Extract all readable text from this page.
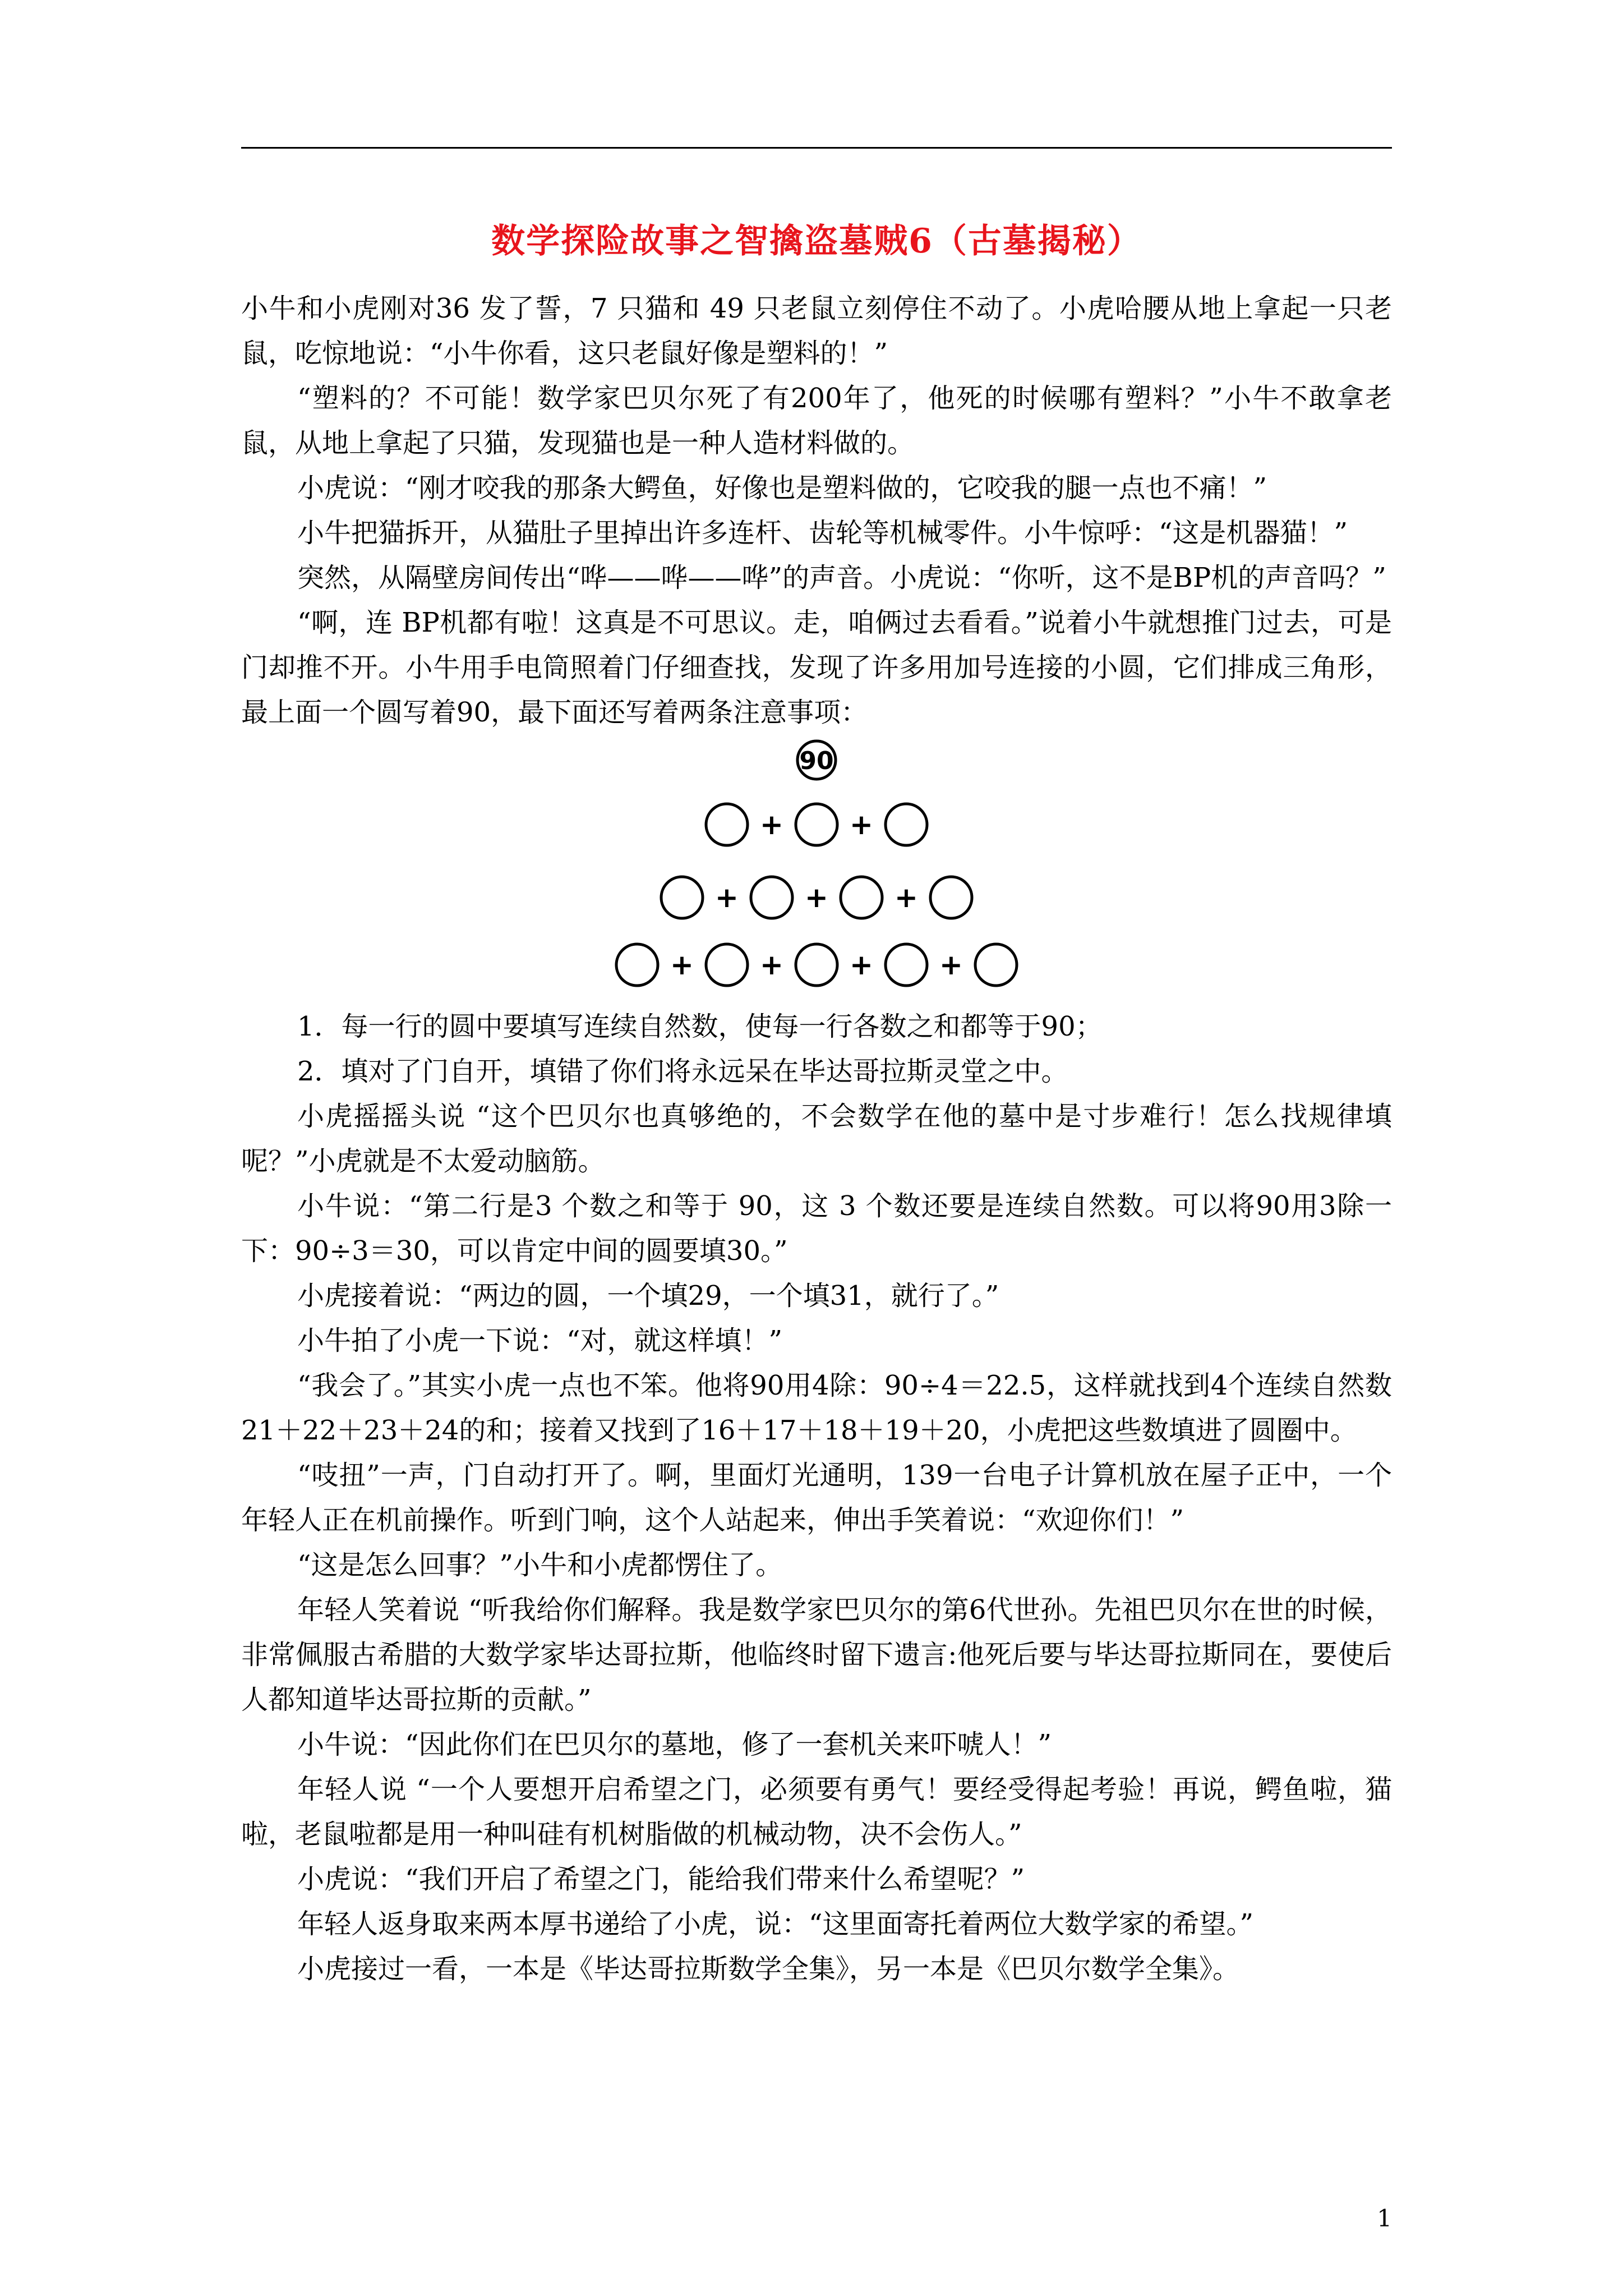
数学探险故事之智擒盗墓贼6（古墓揭秘）

小牛和小虎刚对36 发了誓，7 只猫和 49 只老鼠立刻停住不动了。小虎哈腰从地上拿起一只老鼠，吃惊地说：“小牛你看，这只老鼠好像是塑料的！”

“塑料的？不可能！数学家巴贝尔死了有200年了，他死的时候哪有塑料？”小牛不敢拿老鼠，从地上拿起了只猫，发现猫也是一种人造材料做的。

小虎说：“刚才咬我的那条大鳄鱼，好像也是塑料做的，它咬我的腿一点也不痛！”

小牛把猫拆开，从猫肚子里掉出许多连杆、齿轮等机械零件。小牛惊呼：“这是机器猫！”

突然，从隔壁房间传出“哗——哗——哗”的声音。小虎说：“你听，这不是BP机的声音吗？”

“啊，连 BP机都有啦！这真是不可思议。走，咱俩过去看看。”说着小牛就想推门过去，可是门却推不开。小牛用手电筒照着门仔细查找，发现了许多用加号连接的小圆，它们排成三角形，最上面一个圆写着90，最下面还写着两条注意事项：

90
+ +
+ + +
+ + + +

1．每一行的圆中要填写连续自然数，使每一行各数之和都等于90；

2．填对了门自开，填错了你们将永远呆在毕达哥拉斯灵堂之中。

小虎摇摇头说 “这个巴贝尔也真够绝的，不会数学在他的墓中是寸步难行！怎么找规律填呢？”小虎就是不太爱动脑筋。

小牛说：“第二行是3 个数之和等于 90，这 3 个数还要是连续自然数。可以将90用3除一下：90÷3＝30，可以肯定中间的圆要填30。”

小虎接着说：“两边的圆，一个填29，一个填31，就行了。”

小牛拍了小虎一下说：“对，就这样填！”

“我会了。”其实小虎一点也不笨。他将90用4除：90÷4＝22.5，这样就找到4个连续自然数21＋22＋23＋24的和；接着又找到了16＋17＋18＋19＋20，小虎把这些数填进了圆圈中。

“吱扭”一声，门自动打开了。啊，里面灯光通明，139一台电子计算机放在屋子正中，一个年轻人正在机前操作。听到门响，这个人站起来，伸出手笑着说：“欢迎你们！”

“这是怎么回事？”小牛和小虎都愣住了。

年轻人笑着说 “听我给你们解释。我是数学家巴贝尔的第6代世孙。先祖巴贝尔在世的时候，非常佩服古希腊的大数学家毕达哥拉斯，他临终时留下遗言:他死后要与毕达哥拉斯同在，要使后人都知道毕达哥拉斯的贡献。”

小牛说：“因此你们在巴贝尔的墓地，修了一套机关来吓唬人！”

年轻人说 “一个人要想开启希望之门，必须要有勇气！要经受得起考验！再说，鳄鱼啦，猫啦，老鼠啦都是用一种叫硅有机树脂做的机械动物，决不会伤人。”

小虎说：“我们开启了希望之门，能给我们带来什么希望呢？”

年轻人返身取来两本厚书递给了小虎，说：“这里面寄托着两位大数学家的希望。”

小虎接过一看，一本是《毕达哥拉斯数学全集》，另一本是《巴贝尔数学全集》。

1
